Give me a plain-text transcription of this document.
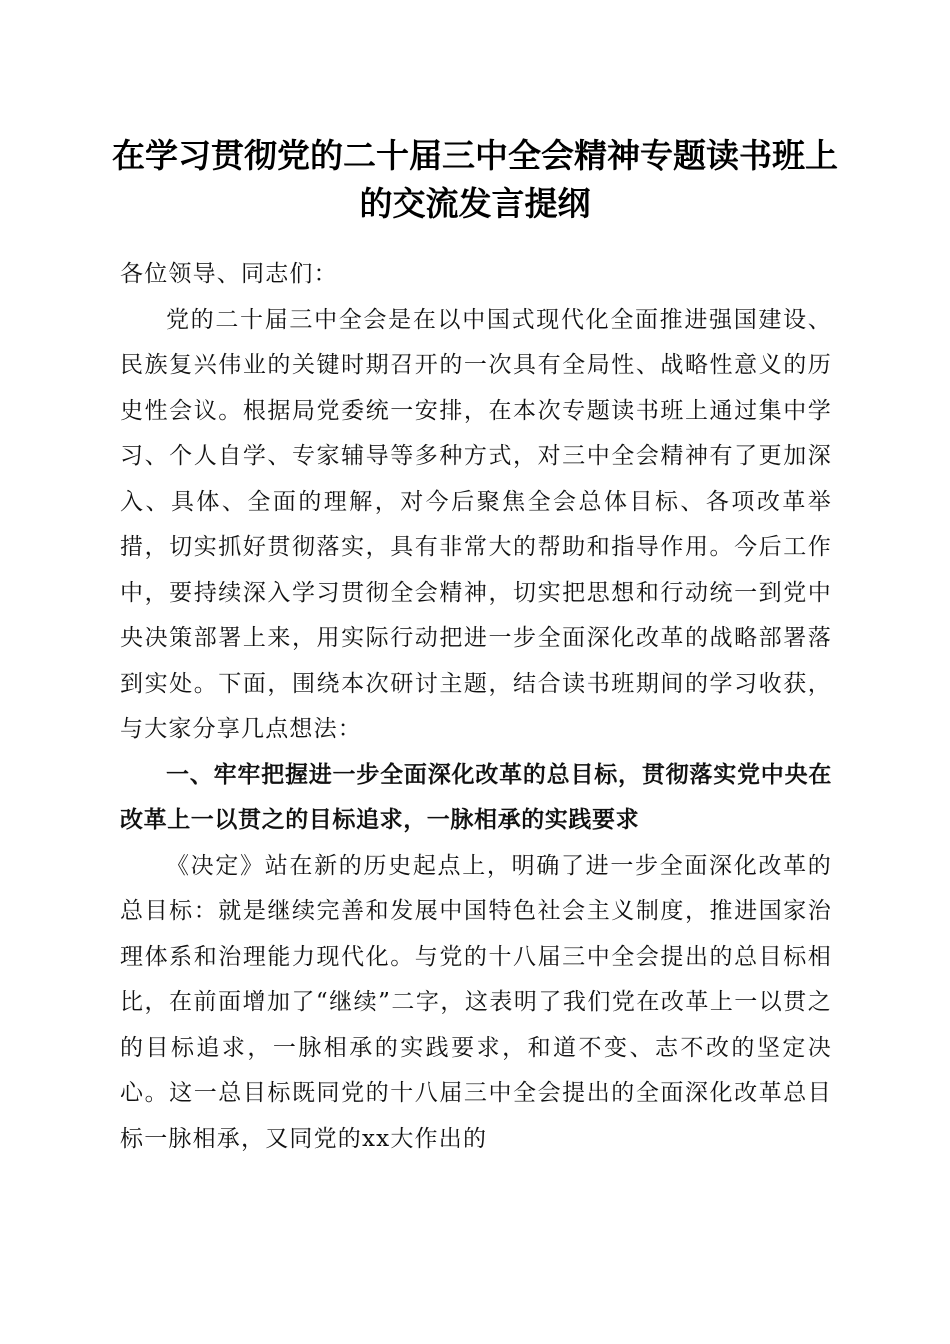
在学习贯彻党的二十届三中全会精神专题读书班上的交流发言提纲

各位领导、同志们：

党的二十届三中全会是在以中国式现代化全面推进强国建设、民族复兴伟业的关键时期召开的一次具有全局性、战略性意义的历史性会议。根据局党委统一安排，在本次专题读书班上通过集中学习、个人自学、专家辅导等多种方式，对三中全会精神有了更加深入、具体、全面的理解，对今后聚焦全会总体目标、各项改革举措，切实抓好贯彻落实，具有非常大的帮助和指导作用。今后工作中，要持续深入学习贯彻全会精神，切实把思想和行动统一到党中央决策部署上来，用实际行动把进一步全面深化改革的战略部署落到实处。下面，围绕本次研讨主题，结合读书班期间的学习收获，与大家分享几点想法：

一、牢牢把握进一步全面深化改革的总目标，贯彻落实党中央在改革上一以贯之的目标追求，一脉相承的实践要求

《决定》站在新的历史起点上，明确了进一步全面深化改革的总目标：就是继续完善和发展中国特色社会主义制度，推进国家治理体系和治理能力现代化。与党的十八届三中全会提出的总目标相比，在前面增加了“继续”二字，这表明了我们党在改革上一以贯之的目标追求，一脉相承的实践要求，和道不变、志不改的坚定决心。这一总目标既同党的十八届三中全会提出的全面深化改革总目标一脉相承，又同党的xx大作出的
